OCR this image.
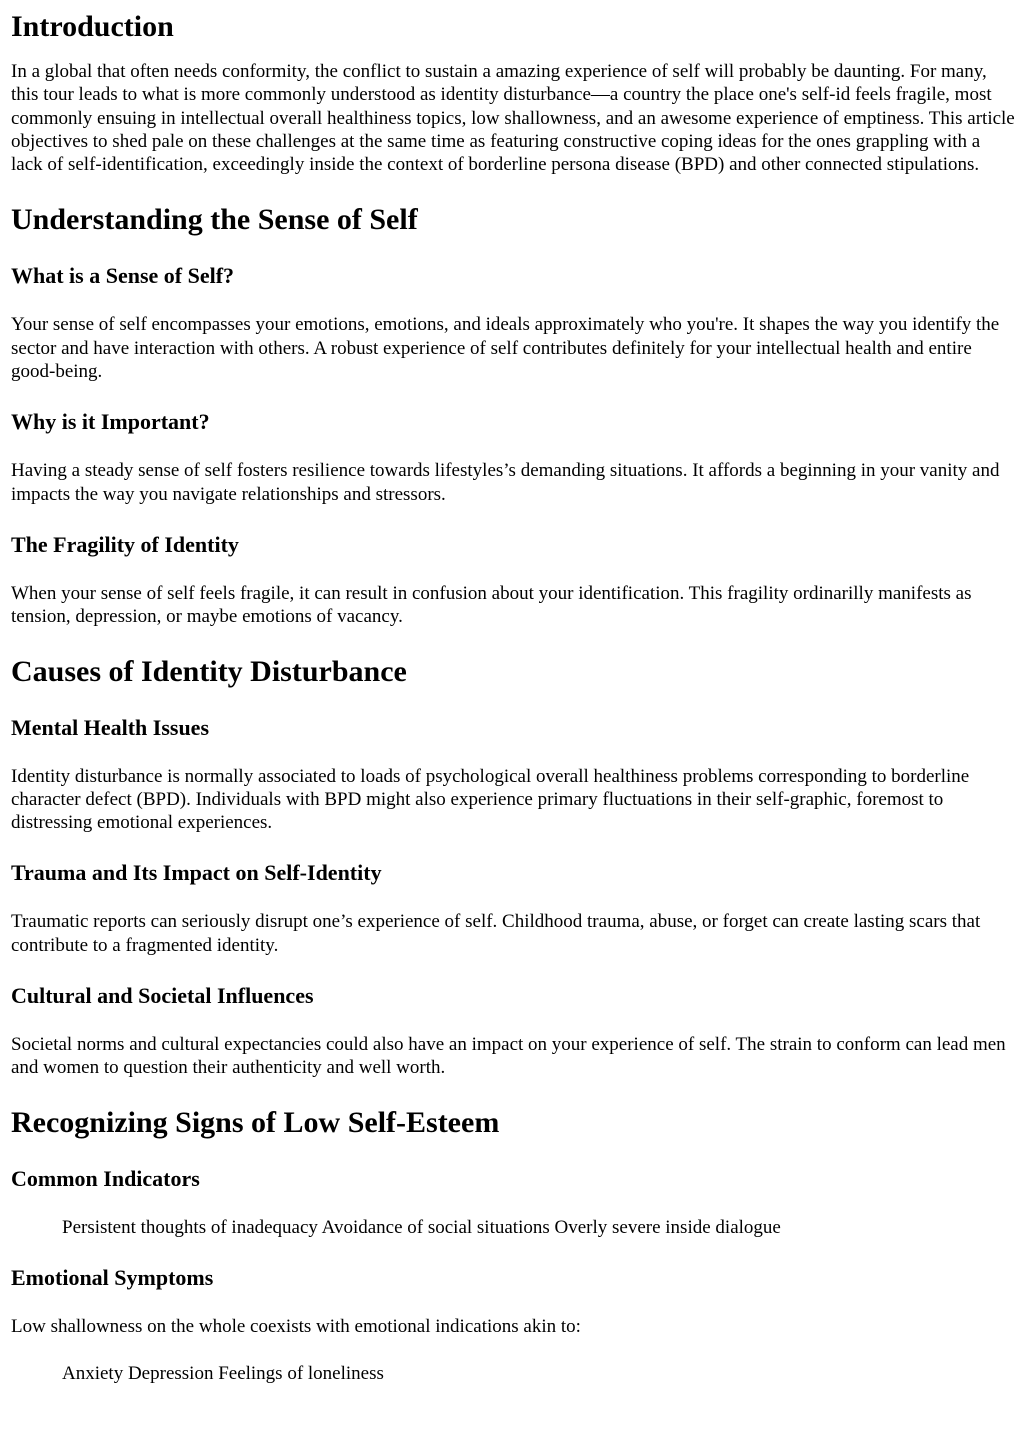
Introduction

In a global that often needs conformity, the conflict to sustain a amazing experience of self will probably be daunting. For many, this tour leads to what is more commonly understood as identity disturbance—a country the place one's self-id feels fragile, most commonly ensuing in intellectual overall healthiness topics, low shallowness, and an awesome experience of emptiness. This article objectives to shed pale on these challenges at the same time as featuring constructive coping ideas for the ones grappling with a lack of self-identification, exceedingly inside the context of borderline persona disease (BPD) and other connected stipulations.

Understanding the Sense of Self
What is a Sense of Self?

Your sense of self encompasses your emotions, emotions, and ideals approximately who you're. It shapes the way you identify the sector and have interaction with others. A robust experience of self contributes definitely for your intellectual health and entire good-being.

Why is it Important?

Having a steady sense of self fosters resilience towards lifestyles’s demanding situations. It affords a beginning in your vanity and impacts the way you navigate relationships and stressors.

The Fragility of Identity

When your sense of self feels fragile, it can result in confusion about your identification. This fragility ordinarilly manifests as tension, depression, or maybe emotions of vacancy.

Causes of Identity Disturbance
Mental Health Issues

Identity disturbance is normally associated to loads of psychological overall healthiness problems corresponding to borderline character defect (BPD). Individuals with BPD might also experience primary fluctuations in their self-graphic, foremost to distressing emotional experiences.

Trauma and Its Impact on Self-Identity

Traumatic reports can seriously disrupt one’s experience of self. Childhood trauma, abuse, or forget can create lasting scars that contribute to a fragmented identity.

Cultural and Societal Influences

Societal norms and cultural expectancies could also have an impact on your experience of self. The strain to conform can lead men and women to question their authenticity and well worth.

Recognizing Signs of Low Self-Esteem
Common Indicators

Persistent thoughts of inadequacy Avoidance of social situations Overly severe inside dialogue

Emotional Symptoms

Low shallowness on the whole coexists with emotional indications akin to:

Anxiety Depression Feelings of loneliness
